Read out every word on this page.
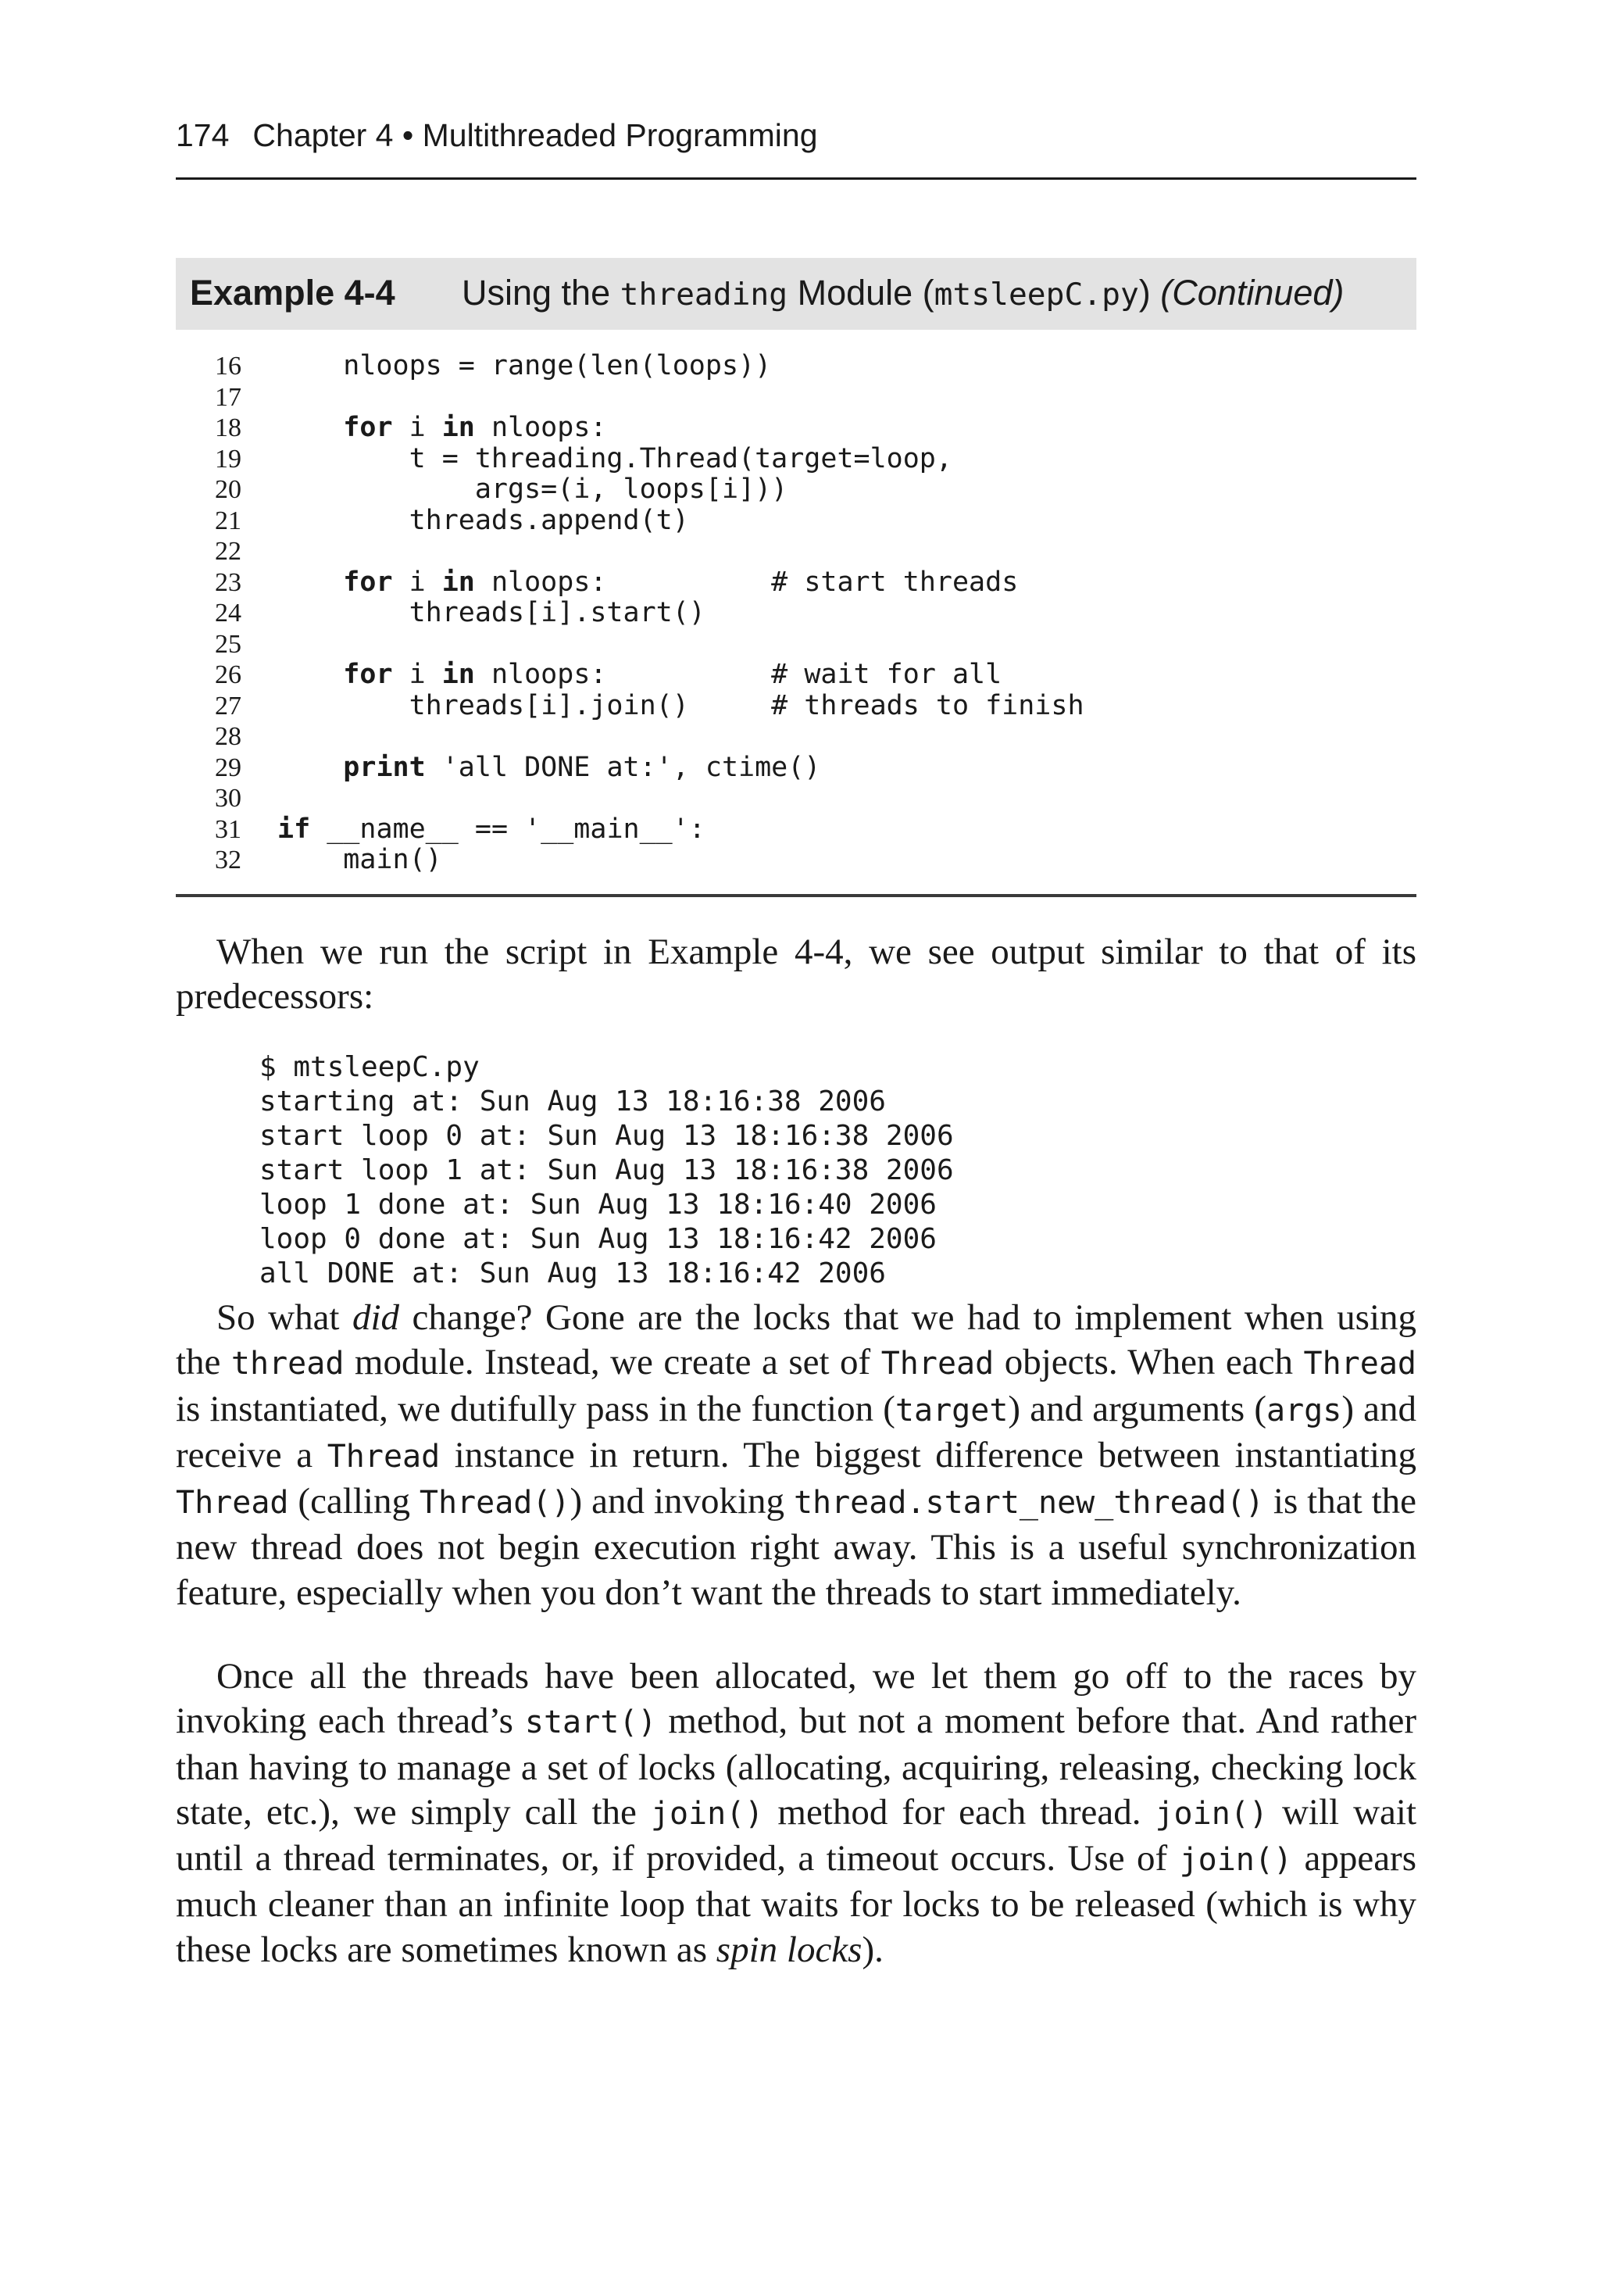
174 Chapter 4 • Multithreaded Programming
Example 4-4 Using the threading Module (mtsleepC.py) (Continued)
16	nloops = range(len(loops))
17
18	for i in nloops:
19	t = threading.Thread(target=loop,
20	args=(i, loops[i]))
21	threads.append(t)
22
23	for i in nloops:          # start threads
24	threads[i].start()
25
26	for i in nloops:          # wait for all
27	threads[i].join()     # threads to finish
28
29	print 'all DONE at:', ctime()
30
31	if __name__ == '__main__':
32	main()

When we run the script in Example 4-4, we see output similar to that of its predecessors:

$ mtsleepC.py
starting at: Sun Aug 13 18:16:38 2006
start loop 0 at: Sun Aug 13 18:16:38 2006
start loop 1 at: Sun Aug 13 18:16:38 2006
loop 1 done at: Sun Aug 13 18:16:40 2006
loop 0 done at: Sun Aug 13 18:16:42 2006
all DONE at: Sun Aug 13 18:16:42 2006

So what did change? Gone are the locks that we had to implement when using the thread module. Instead, we create a set of Thread objects. When each Thread is instantiated, we dutifully pass in the function (target) and arguments (args) and receive a Thread instance in return. The biggest difference between instantiating Thread (calling Thread()) and invoking thread.start_new_thread() is that the new thread does not begin execution right away. This is a useful synchronization feature, especially when you don’t want the threads to start immediately.

Once all the threads have been allocated, we let them go off to the races by invoking each thread’s start() method, but not a moment before that. And rather than having to manage a set of locks (allocating, acquiring, releasing, checking lock state, etc.), we simply call the join() method for each thread. join() will wait until a thread terminates, or, if provided, a timeout occurs. Use of join() appears much cleaner than an infinite loop that waits for locks to be released (which is why these locks are sometimes known as spin locks).
